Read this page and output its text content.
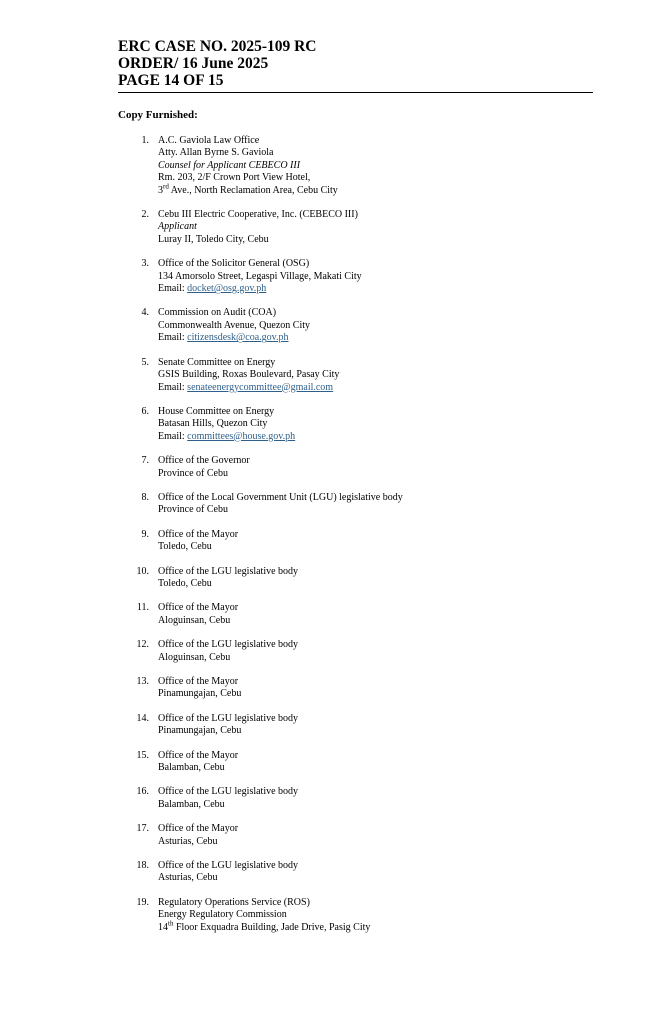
ERC CASE NO. 2025-109 RC
ORDER/ 16 June 2025
PAGE 14 OF 15
Copy Furnished:
1. A.C. Gaviola Law Office
Atty. Allan Byrne S. Gaviola
Counsel for Applicant CEBECO III
Rm. 203, 2/F Crown Port View Hotel,
3rd Ave., North Reclamation Area, Cebu City
2. Cebu III Electric Cooperative, Inc. (CEBECO III)
Applicant
Luray II, Toledo City, Cebu
3. Office of the Solicitor General (OSG)
134 Amorsolo Street, Legaspi Village, Makati City
Email: docket@osg.gov.ph
4. Commission on Audit (COA)
Commonwealth Avenue, Quezon City
Email: citizensdesk@coa.gov.ph
5. Senate Committee on Energy
GSIS Building, Roxas Boulevard, Pasay City
Email: senateenergycommittee@gmail.com
6. House Committee on Energy
Batasan Hills, Quezon City
Email: committees@house.gov.ph
7. Office of the Governor
Province of Cebu
8. Office of the Local Government Unit (LGU) legislative body
Province of Cebu
9. Office of the Mayor
Toledo, Cebu
10. Office of the LGU legislative body
Toledo, Cebu
11. Office of the Mayor
Aloguinsan, Cebu
12. Office of the LGU legislative body
Aloguinsan, Cebu
13. Office of the Mayor
Pinamungajan, Cebu
14. Office of the LGU legislative body
Pinamungajan, Cebu
15. Office of the Mayor
Balamban, Cebu
16. Office of the LGU legislative body
Balamban, Cebu
17. Office of the Mayor
Asturias, Cebu
18. Office of the LGU legislative body
Asturias, Cebu
19. Regulatory Operations Service (ROS)
Energy Regulatory Commission
14th Floor Exquadra Building, Jade Drive, Pasig City
